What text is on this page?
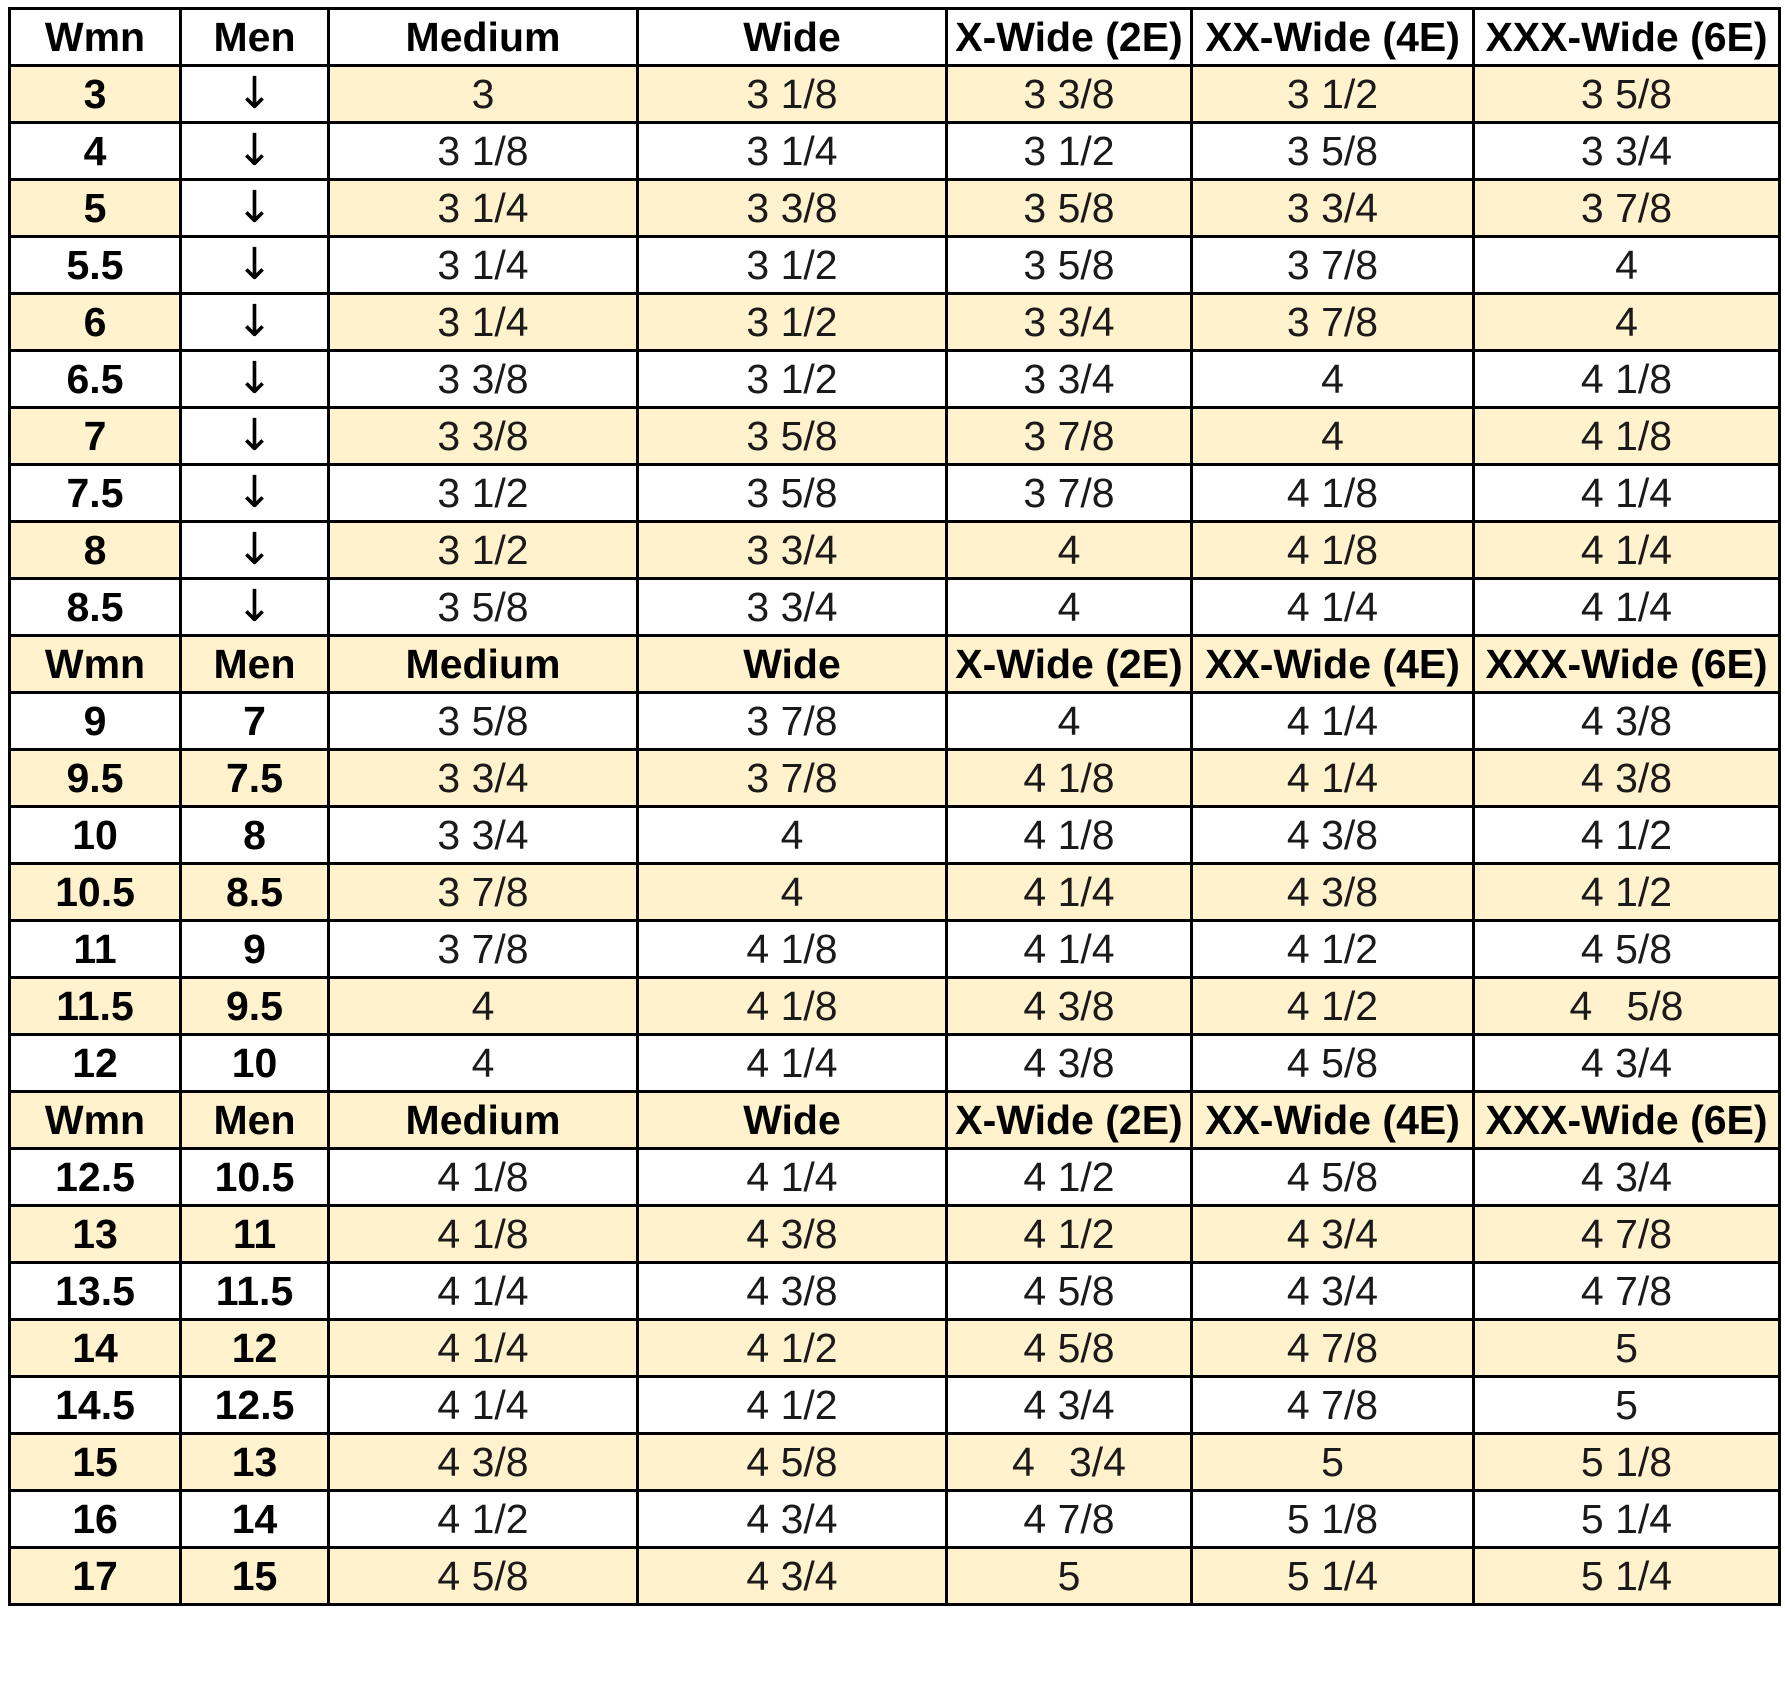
Wmn	Men	Medium	Wide	X-Wide (2E)	XX-Wide (4E)	XXX-Wide (6E)
3	↓	3	3 1/8	3 3/8	3 1/2	3 5/8
4	↓	3 1/8	3 1/4	3 1/2	3 5/8	3 3/4
5	↓	3 1/4	3 3/8	3 5/8	3 3/4	3 7/8
5.5	↓	3 1/4	3 1/2	3 5/8	3 7/8	4
6	↓	3 1/4	3 1/2	3 3/4	3 7/8	4
6.5	↓	3 3/8	3 1/2	3 3/4	4	4 1/8
7	↓	3 3/8	3 5/8	3 7/8	4	4 1/8
7.5	↓	3 1/2	3 5/8	3 7/8	4 1/8	4 1/4
8	↓	3 1/2	3 3/4	4	4 1/8	4 1/4
8.5	↓	3 5/8	3 3/4	4	4 1/4	4 1/4
Wmn	Men	Medium	Wide	X-Wide (2E)	XX-Wide (4E)	XXX-Wide (6E)
9	7	3 5/8	3 7/8	4	4 1/4	4 3/8
9.5	7.5	3 3/4	3 7/8	4 1/8	4 1/4	4 3/8
10	8	3 3/4	4	4 1/8	4 3/8	4 1/2
10.5	8.5	3 7/8	4	4 1/4	4 3/8	4 1/2
11	9	3 7/8	4 1/8	4 1/4	4 1/2	4 5/8
11.5	9.5	4	4 1/8	4 3/8	4 1/2	4   5/8
12	10	4	4 1/4	4 3/8	4 5/8	4 3/4
Wmn	Men	Medium	Wide	X-Wide (2E)	XX-Wide (4E)	XXX-Wide (6E)
12.5	10.5	4 1/8	4 1/4	4 1/2	4 5/8	4 3/4
13	11	4 1/8	4 3/8	4 1/2	4 3/4	4 7/8
13.5	11.5	4 1/4	4 3/8	4 5/8	4 3/4	4 7/8
14	12	4 1/4	4 1/2	4 5/8	4 7/8	5
14.5	12.5	4 1/4	4 1/2	4 3/4	4 7/8	5
15	13	4 3/8	4 5/8	4   3/4	5	5 1/8
16	14	4 1/2	4 3/4	4 7/8	5 1/8	5 1/4
17	15	4 5/8	4 3/4	5	5 1/4	5 1/4
